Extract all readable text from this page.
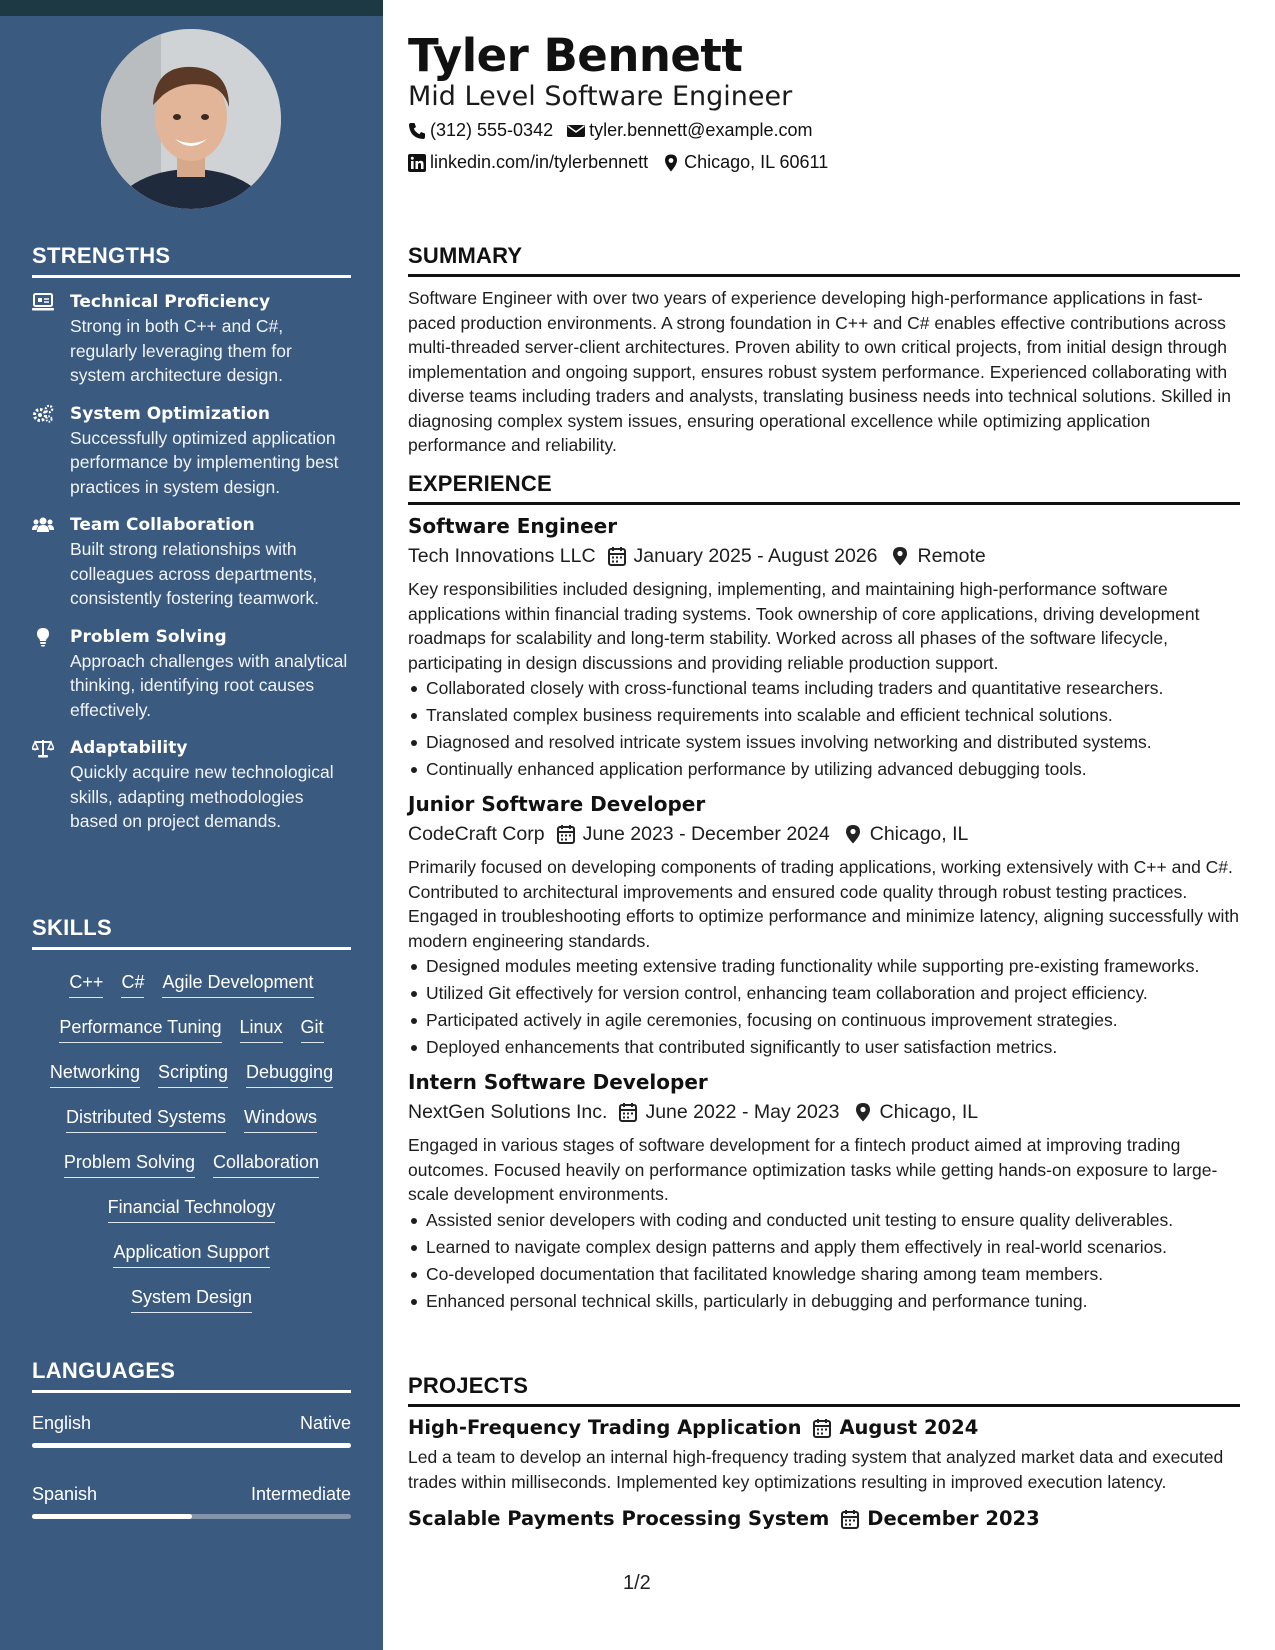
STRENGTHS
Technical Proficiency
Strong in both C++ and C#, regularly leveraging them for system architecture design.
System Optimization
Successfully optimized application performance by implementing best practices in system design.
Team Collaboration
Built strong relationships with colleagues across departments, consistently fostering teamwork.
Problem Solving
Approach challenges with analytical thinking, identifying root causes effectively.
Adaptability
Quickly acquire new technological skills, adapting methodologies based on project demands.
SKILLS
C++ C# Agile Development
Performance Tuning Linux Git
Networking Scripting Debugging
Distributed Systems Windows
Problem Solving Collaboration
Financial Technology
Application Support
System Design
LANGUAGES
English	Native
Spanish	Intermediate
Tyler Bennett
Mid Level Software Engineer
(312) 555-0342 tyler.bennett@example.com
linkedin.com/in/tylerbennett Chicago, IL 60611
SUMMARY
Software Engineer with over two years of experience developing high-performance applications in fast-paced production environments. A strong foundation in C++ and C# enables effective contributions across multi-threaded server-client architectures. Proven ability to own critical projects, from initial design through implementation and ongoing support, ensures robust system performance. Experienced collaborating with diverse teams including traders and analysts, translating business needs into technical solutions. Skilled in diagnosing complex system issues, ensuring operational excellence while optimizing application performance and reliability.
EXPERIENCE
Software Engineer
Tech Innovations LLC January 2025 - August 2026 Remote
Key responsibilities included designing, implementing, and maintaining high-performance software applications within financial trading systems. Took ownership of core applications, driving development roadmaps for scalability and long-term stability. Worked across all phases of the software lifecycle, participating in design discussions and providing reliable production support.
Collaborated closely with cross-functional teams including traders and quantitative researchers.
Translated complex business requirements into scalable and efficient technical solutions.
Diagnosed and resolved intricate system issues involving networking and distributed systems.
Continually enhanced application performance by utilizing advanced debugging tools.
Junior Software Developer
CodeCraft Corp June 2023 - December 2024 Chicago, IL
Primarily focused on developing components of trading applications, working extensively with C++ and C#. Contributed to architectural improvements and ensured code quality through robust testing practices. Engaged in troubleshooting efforts to optimize performance and minimize latency, aligning successfully with modern engineering standards.
Designed modules meeting extensive trading functionality while supporting pre-existing frameworks.
Utilized Git effectively for version control, enhancing team collaboration and project efficiency.
Participated actively in agile ceremonies, focusing on continuous improvement strategies.
Deployed enhancements that contributed significantly to user satisfaction metrics.
Intern Software Developer
NextGen Solutions Inc. June 2022 - May 2023 Chicago, IL
Engaged in various stages of software development for a fintech product aimed at improving trading outcomes. Focused heavily on performance optimization tasks while getting hands-on exposure to large-scale development environments.
Assisted senior developers with coding and conducted unit testing to ensure quality deliverables.
Learned to navigate complex design patterns and apply them effectively in real-world scenarios.
Co-developed documentation that facilitated knowledge sharing among team members.
Enhanced personal technical skills, particularly in debugging and performance tuning.
PROJECTS
High-Frequency Trading Application August 2024
Led a team to develop an internal high-frequency trading system that analyzed market data and executed trades within milliseconds. Implemented key optimizations resulting in improved execution latency.
Scalable Payments Processing System December 2023
1/2
